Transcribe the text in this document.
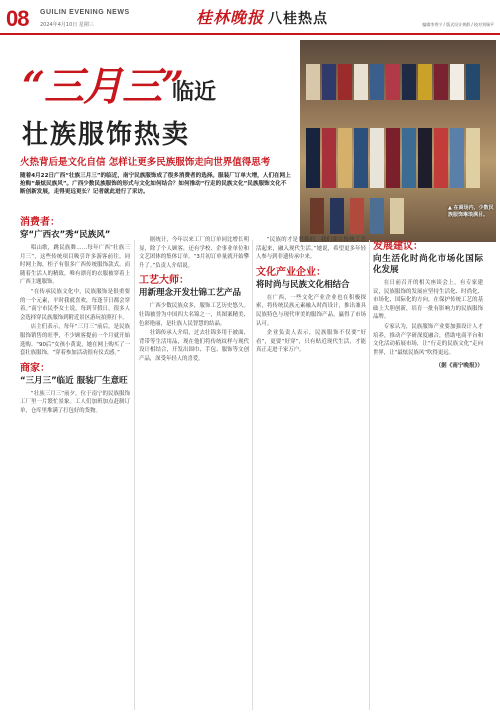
08 GUILIN EVENING NEWS
2024年4月10日 星期三	桂林晚报 八桂热点	编辑李秀宁 / 版式设计黄群 / 校对刘瑞平
“三月三”
临近
壮族服饰热卖
火热背后是文化自信 怎样让更多民族服饰走向世界值得思考
随着4月22日广西“壮族三月三”的临近，南宁民族服饰成了很多消费者的选择。服装厂订单大增，人们在网上抢购“最炫民族风”。广西少数民族服饰的形式与文化如何结合？如何推动“行走的民族文化”民族服饰文化不断创新发展，走得更远更长？记者就此进行了采访。
▲ 在商场内，少数民族服饰琳琅满目。
消费者：
穿“广西衣”秀“民族风”

唱山歌，跳民族舞……每年广西“壮族三月三”，这些传统项目吸引许多游客前往。同时网上淘，柜子有很多广西传统服饰款式。而随着生活人的精致，唯有漂亮的衣服被穿着上广西主题服饰。

“在传承民族文化中，民族服饰是很重要的一个元素，平时我就喜欢，每逢节日都会穿着。”南宁市民李女士说，每到节假日，很多人会选择穿民族服饰到附近景区游玩拍照打卡。

店主们表示，每年“三月三”前后，是民族服饰销售的旺季，不少顾客提前一个月就开始选购。“90后”女孩小黄说，她在网上购买了一套壮族服饰，“穿着参加活动很有仪式感。”

商家：
“三月三”临近 服装厂生意旺

“壮族三月三”前夕，位于南宁的民族服饰工厂里一片繁忙景象。工人们加班加点赶制订单，仓库里堆满了打包好的货物。

据统计，今年以来工厂的订单同比增长明显，除了个人顾客，还有学校、企事业单位和文艺团体的集体订单。“3月初订单量就开始攀升了。”负责人介绍说。

工艺大师：
用新理念开发壮锦工艺产品

广西少数民族众多，服饰工艺历史悠久。壮锦被誉为中国四大名锦之一，其图案精美、色彩艳丽，是壮族人民智慧的结晶。

壮锦传承人介绍，过去壮锦多用于被面、背带等生活用品，现在他们将传统纹样与现代设计相结合，开发出围巾、手包、服饰等文创产品，深受年轻人的喜爱。

“民族的才是世界的，我们要让传统工艺活起来，融入现代生活。”她说，希望更多年轻人参与到非遗传承中来。

文化产业企业：
将时尚与民族文化相结合

在广西，一些文化产业企业也在积极探索，将传统民族元素融入时尚设计，推出兼具民族特色与现代审美的服饰产品，赢得了市场认可。

企业负责人表示，民族服饰不仅要“好看”，更要“好穿”，只有贴近现代生活，才能真正走进千家万户。

发展建议：
向生活化时尚化市场化国际化发展

在日前召开的相关座谈会上，有专家建议，民族服饰的发展应坚持生活化、时尚化、市场化、国际化的方向，在保护传统工艺的基础上大胆创新，培育一批有影响力的民族服饰品牌。

专家认为，民族服饰产业要加强设计人才培养，推动产学研深度融合，借助电商平台和文化活动拓展市场，让“行走的民族文化”走向世界，让“最炫民族风”吹得更远。

（据《南宁晚报》）
